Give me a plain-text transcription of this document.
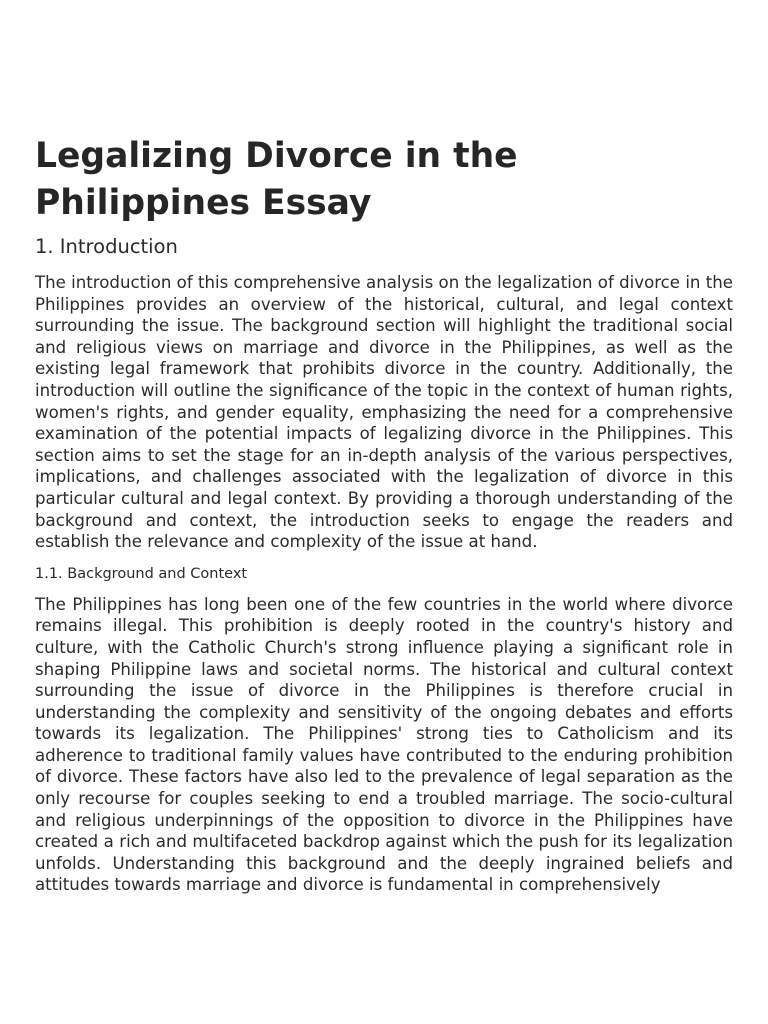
Legalizing Divorce in the Philippines Essay
1. Introduction

The introduction of this comprehensive analysis on the legalization of divorce in the Philippines provides an overview of the historical, cultural, and legal context surrounding the issue. The background section will highlight the traditional social and religious views on marriage and divorce in the Philippines, as well as the existing legal framework that prohibits divorce in the country. Additionally, the introduction will outline the significance of the topic in the context of human rights, women's rights, and gender equality, emphasizing the need for a comprehensive examination of the potential impacts of legalizing divorce in the Philippines. This section aims to set the stage for an in-depth analysis of the various perspectives, implications, and challenges associated with the legalization of divorce in this particular cultural and legal context. By providing a thorough understanding of the background and context, the introduction seeks to engage the readers and establish the relevance and complexity of the issue at hand.

1.1. Background and Context

The Philippines has long been one of the few countries in the world where divorce remains illegal. This prohibition is deeply rooted in the country's history and culture, with the Catholic Church's strong influence playing a significant role in shaping Philippine laws and societal norms. The historical and cultural context surrounding the issue of divorce in the Philippines is therefore crucial in understanding the complexity and sensitivity of the ongoing debates and efforts towards its legalization. The Philippines' strong ties to Catholicism and its adherence to traditional family values have contributed to the enduring prohibition of divorce. These factors have also led to the prevalence of legal separation as the only recourse for couples seeking to end a troubled marriage. The socio-cultural and religious underpinnings of the opposition to divorce in the Philippines have created a rich and multifaceted backdrop against which the push for its legalization unfolds. Understanding this background and the deeply ingrained beliefs and attitudes towards marriage and divorce is fundamental in comprehensively
